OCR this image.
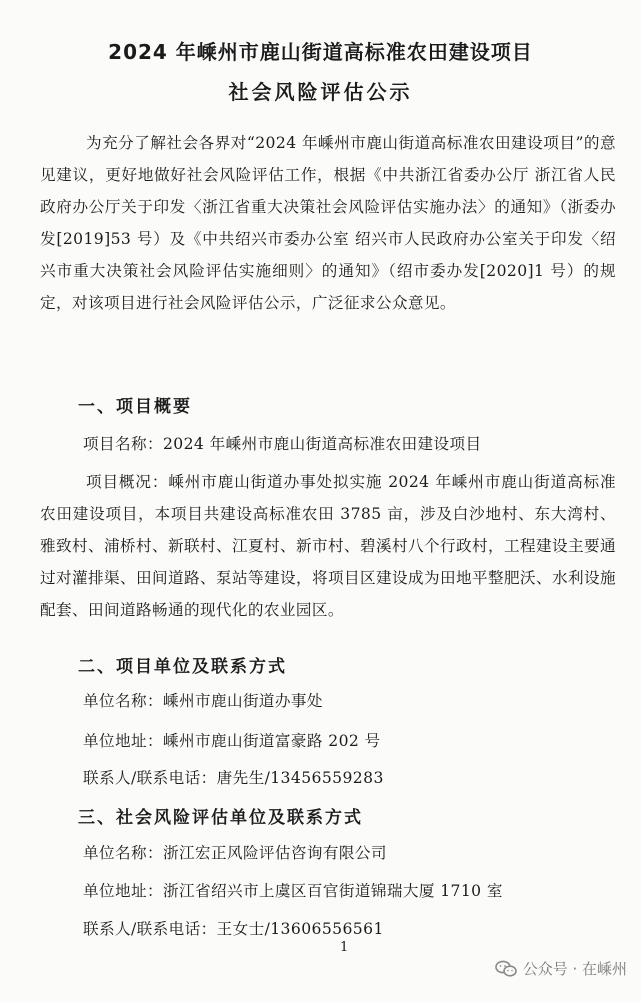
2024 年嵊州市鹿山街道高标准农田建设项目
社会风险评估公示

为充分了解社会各界对“2024 年嵊州市鹿山街道高标准农田建设项目”的意见建议，更好地做好社会风险评估工作，根据《中共浙江省委办公厅 浙江省人民政府办公厅关于印发〈浙江省重大决策社会风险评估实施办法〉的通知》（浙委办发[2019]53 号）及《中共绍兴市委办公室 绍兴市人民政府办公室关于印发〈绍兴市重大决策社会风险评估实施细则〉的通知》（绍市委办发[2020]1 号）的规定，对该项目进行社会风险评估公示，广泛征求公众意见。

一、项目概要
项目名称：2024 年嵊州市鹿山街道高标准农田建设项目

项目概况：嵊州市鹿山街道办事处拟实施 2024 年嵊州市鹿山街道高标准农田建设项目，本项目共建设高标准农田 3785 亩，涉及白沙地村、东大湾村、雅致村、浦桥村、新联村、江夏村、新市村、碧溪村八个行政村，工程建设主要通过对灌排渠、田间道路、泵站等建设，将项目区建设成为田地平整肥沃、水利设施配套、田间道路畅通的现代化的农业园区。

二、项目单位及联系方式
单位名称：嵊州市鹿山街道办事处
单位地址：嵊州市鹿山街道富豪路 202 号
联系人/联系电话：唐先生/13456559283
三、社会风险评估单位及联系方式
单位名称：浙江宏正风险评估咨询有限公司
单位地址：浙江省绍兴市上虞区百官街道锦瑞大厦 1710 室
联系人/联系电话：王女士/13606556561
1
公众号 · 在嵊州
